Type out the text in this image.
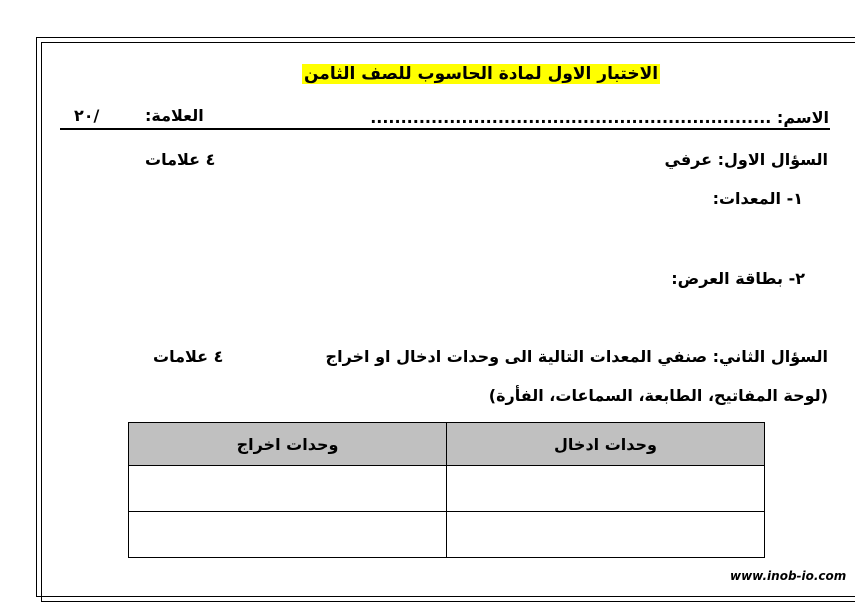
الاختبار الاول لمادة الحاسوب للصف الثامن
الاسم: ..................................................................
العلامة:
٢٠/
السؤال الاول: عرفي
٤ علامات
١- المعدات:
٢- بطاقة العرض:
السؤال الثاني: صنفي المعدات التالية الى وحدات ادخال او اخراج
٤ علامات
(لوحة المفاتيح، الطابعة، السماعات، الفأرة)
وحدات اخراج	وحدات ادخال

www.inob-io.com
